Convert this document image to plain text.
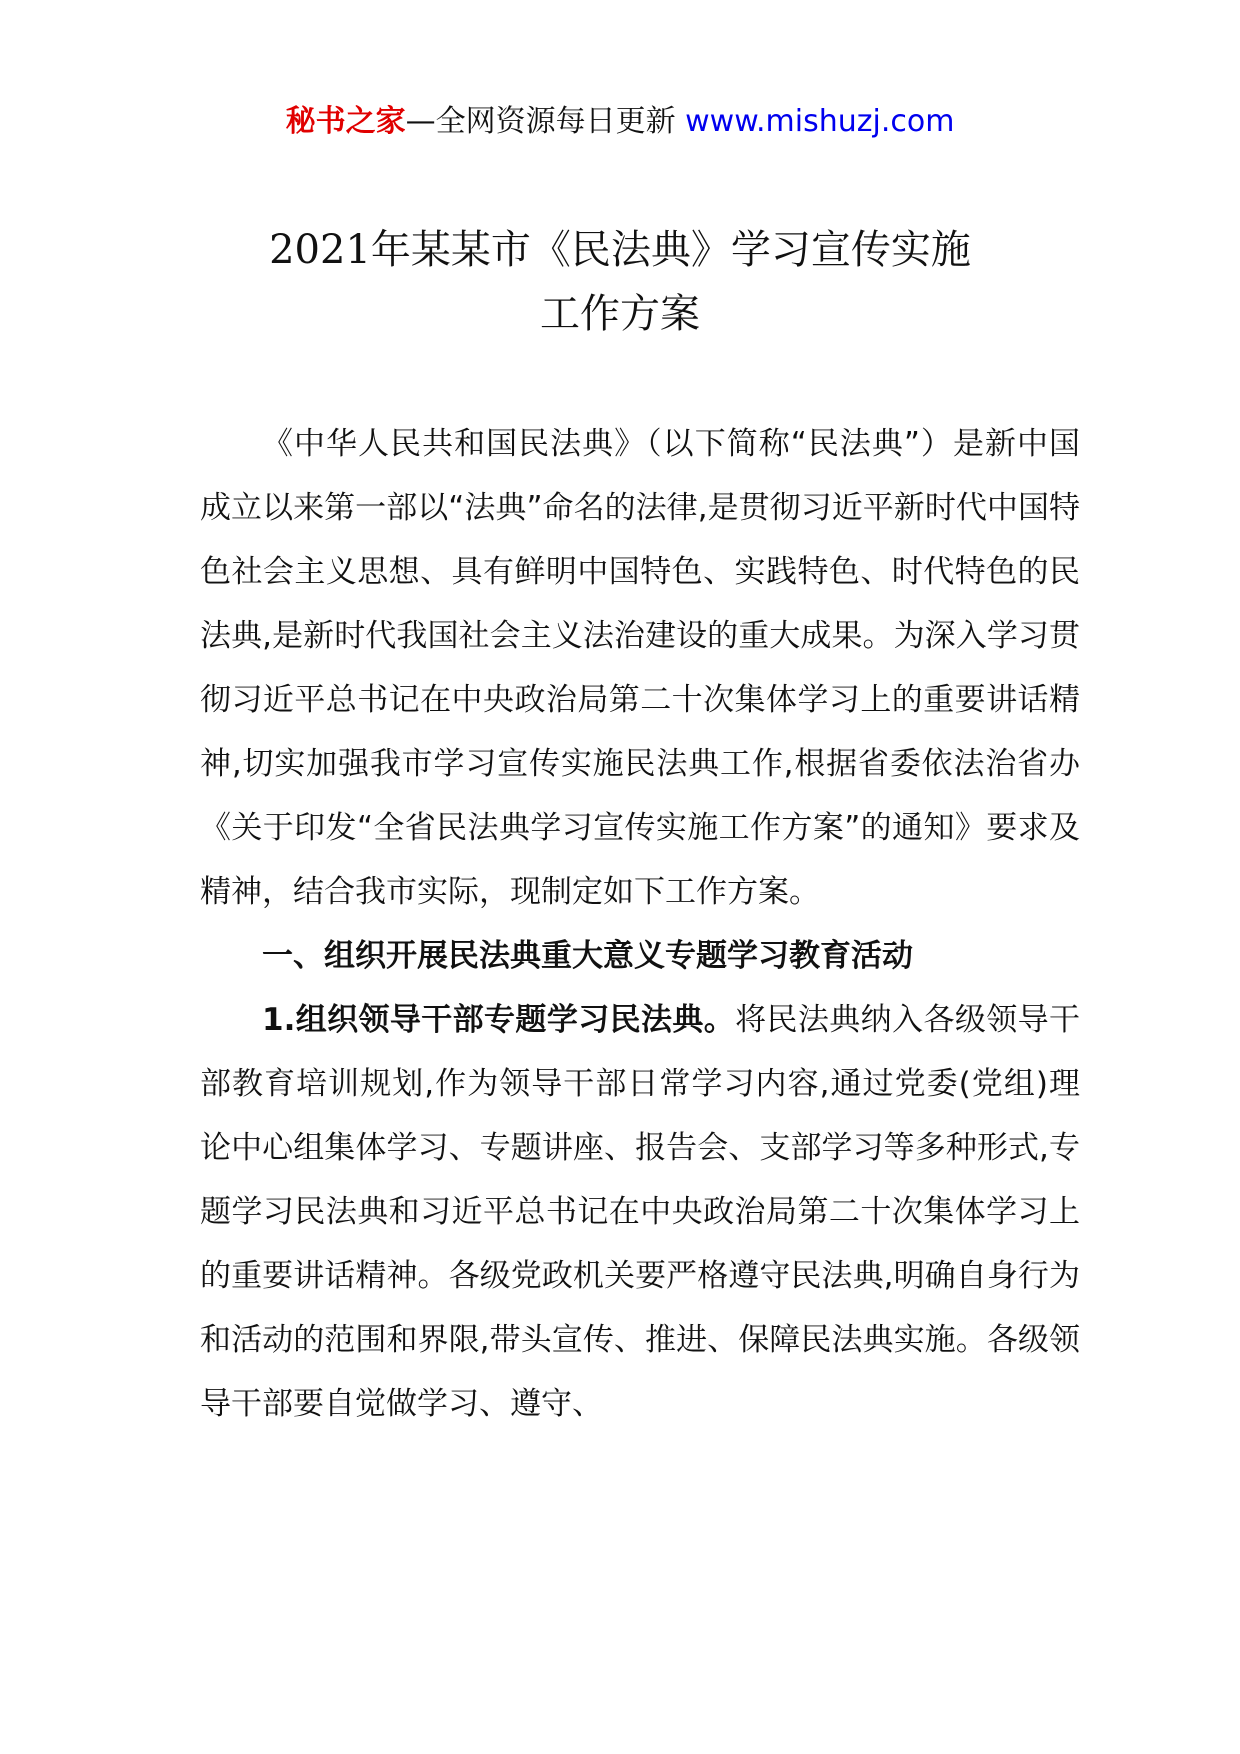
秘书之家—全网资源每日更新 www.mishuzj.com
2021年某某市《民法典》学习宣传实施
工作方案

《中华人民共和国民法典》（以下简称“民法典”）是新中国成立以来第一部以“法典”命名的法律,是贯彻习近平新时代中国特色社会主义思想、具有鲜明中国特色、实践特色、时代特色的民法典,是新时代我国社会主义法治建设的重大成果。为深入学习贯彻习近平总书记在中央政治局第二十次集体学习上的重要讲话精神,切实加强我市学习宣传实施民法典工作,根据省委依法治省办《关于印发“全省民法典学习宣传实施工作方案”的通知》要求及精神，结合我市实际，现制定如下工作方案。

一、组织开展民法典重大意义专题学习教育活动

1.组织领导干部专题学习民法典。将民法典纳入各级领导干部教育培训规划,作为领导干部日常学习内容,通过党委(党组)理论中心组集体学习、专题讲座、报告会、支部学习等多种形式,专题学习民法典和习近平总书记在中央政治局第二十次集体学习上的重要讲话精神。各级党政机关要严格遵守民法典,明确自身行为和活动的范围和界限,带头宣传、推进、保障民法典实施。各级领导干部要自觉做学习、遵守、
